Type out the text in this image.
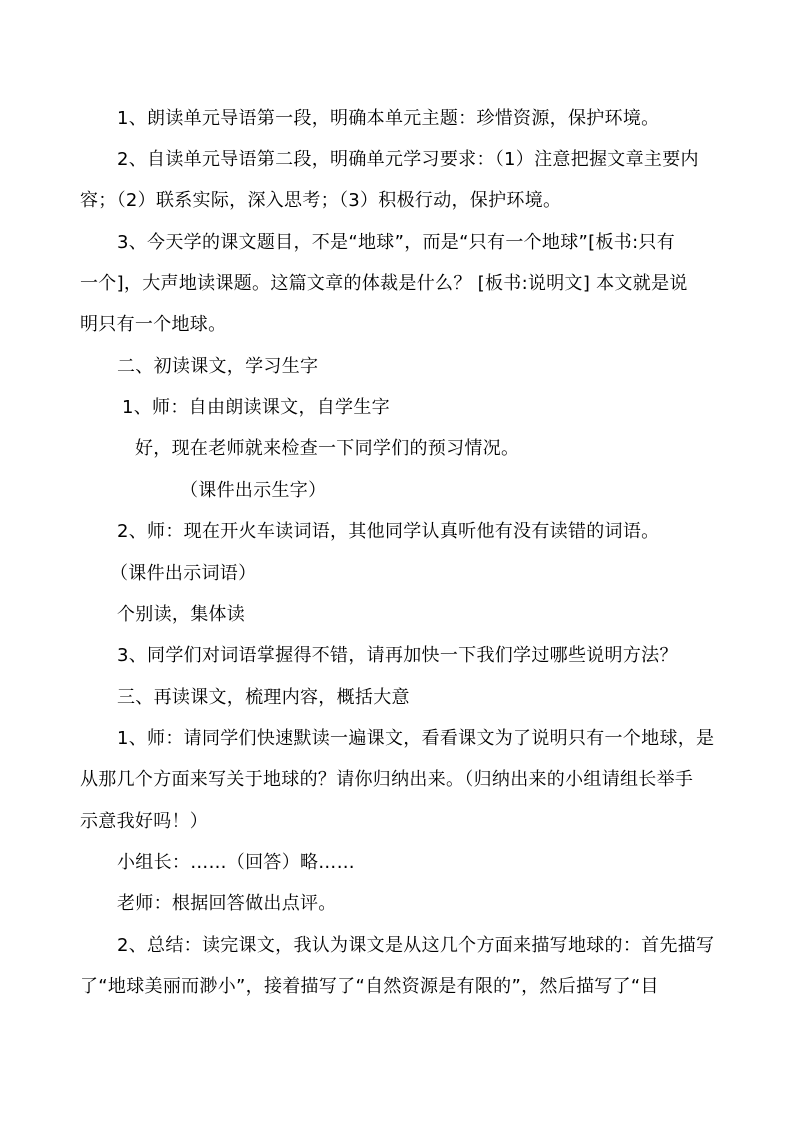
1、朗读单元导语第一段，明确本单元主题：珍惜资源，保护环境。
2、自读单元导语第二段，明确单元学习要求：（1）注意把握文章主要内
容；（2）联系实际，深入思考；（3）积极行动，保护环境。
3、今天学的课文题目，不是“地球”，而是“只有一个地球”[板书:只有
一个]，大声地读课题。这篇文章的体裁是什么？ [板书:说明文] 本文就是说
明只有一个地球。
二、初读课文，学习生字
1、师：自由朗读课文，自学生字
好，现在老师就来检查一下同学们的预习情况。
（课件出示生字）
2、师：现在开火车读词语，其他同学认真听他有没有读错的词语。
（课件出示词语）
个别读，集体读
3、同学们对词语掌握得不错，请再加快一下我们学过哪些说明方法？
三、再读课文，梳理内容，概括大意
1、师：请同学们快速默读一遍课文，看看课文为了说明只有一个地球，是
从那几个方面来写关于地球的？请你归纳出来。（归纳出来的小组请组长举手
示意我好吗！）
小组长：……（回答）略……
老师：根据回答做出点评。
2、总结：读完课文，我认为课文是从这几个方面来描写地球的：首先描写
了“地球美丽而渺小”，接着描写了“自然资源是有限的”，然后描写了“目
